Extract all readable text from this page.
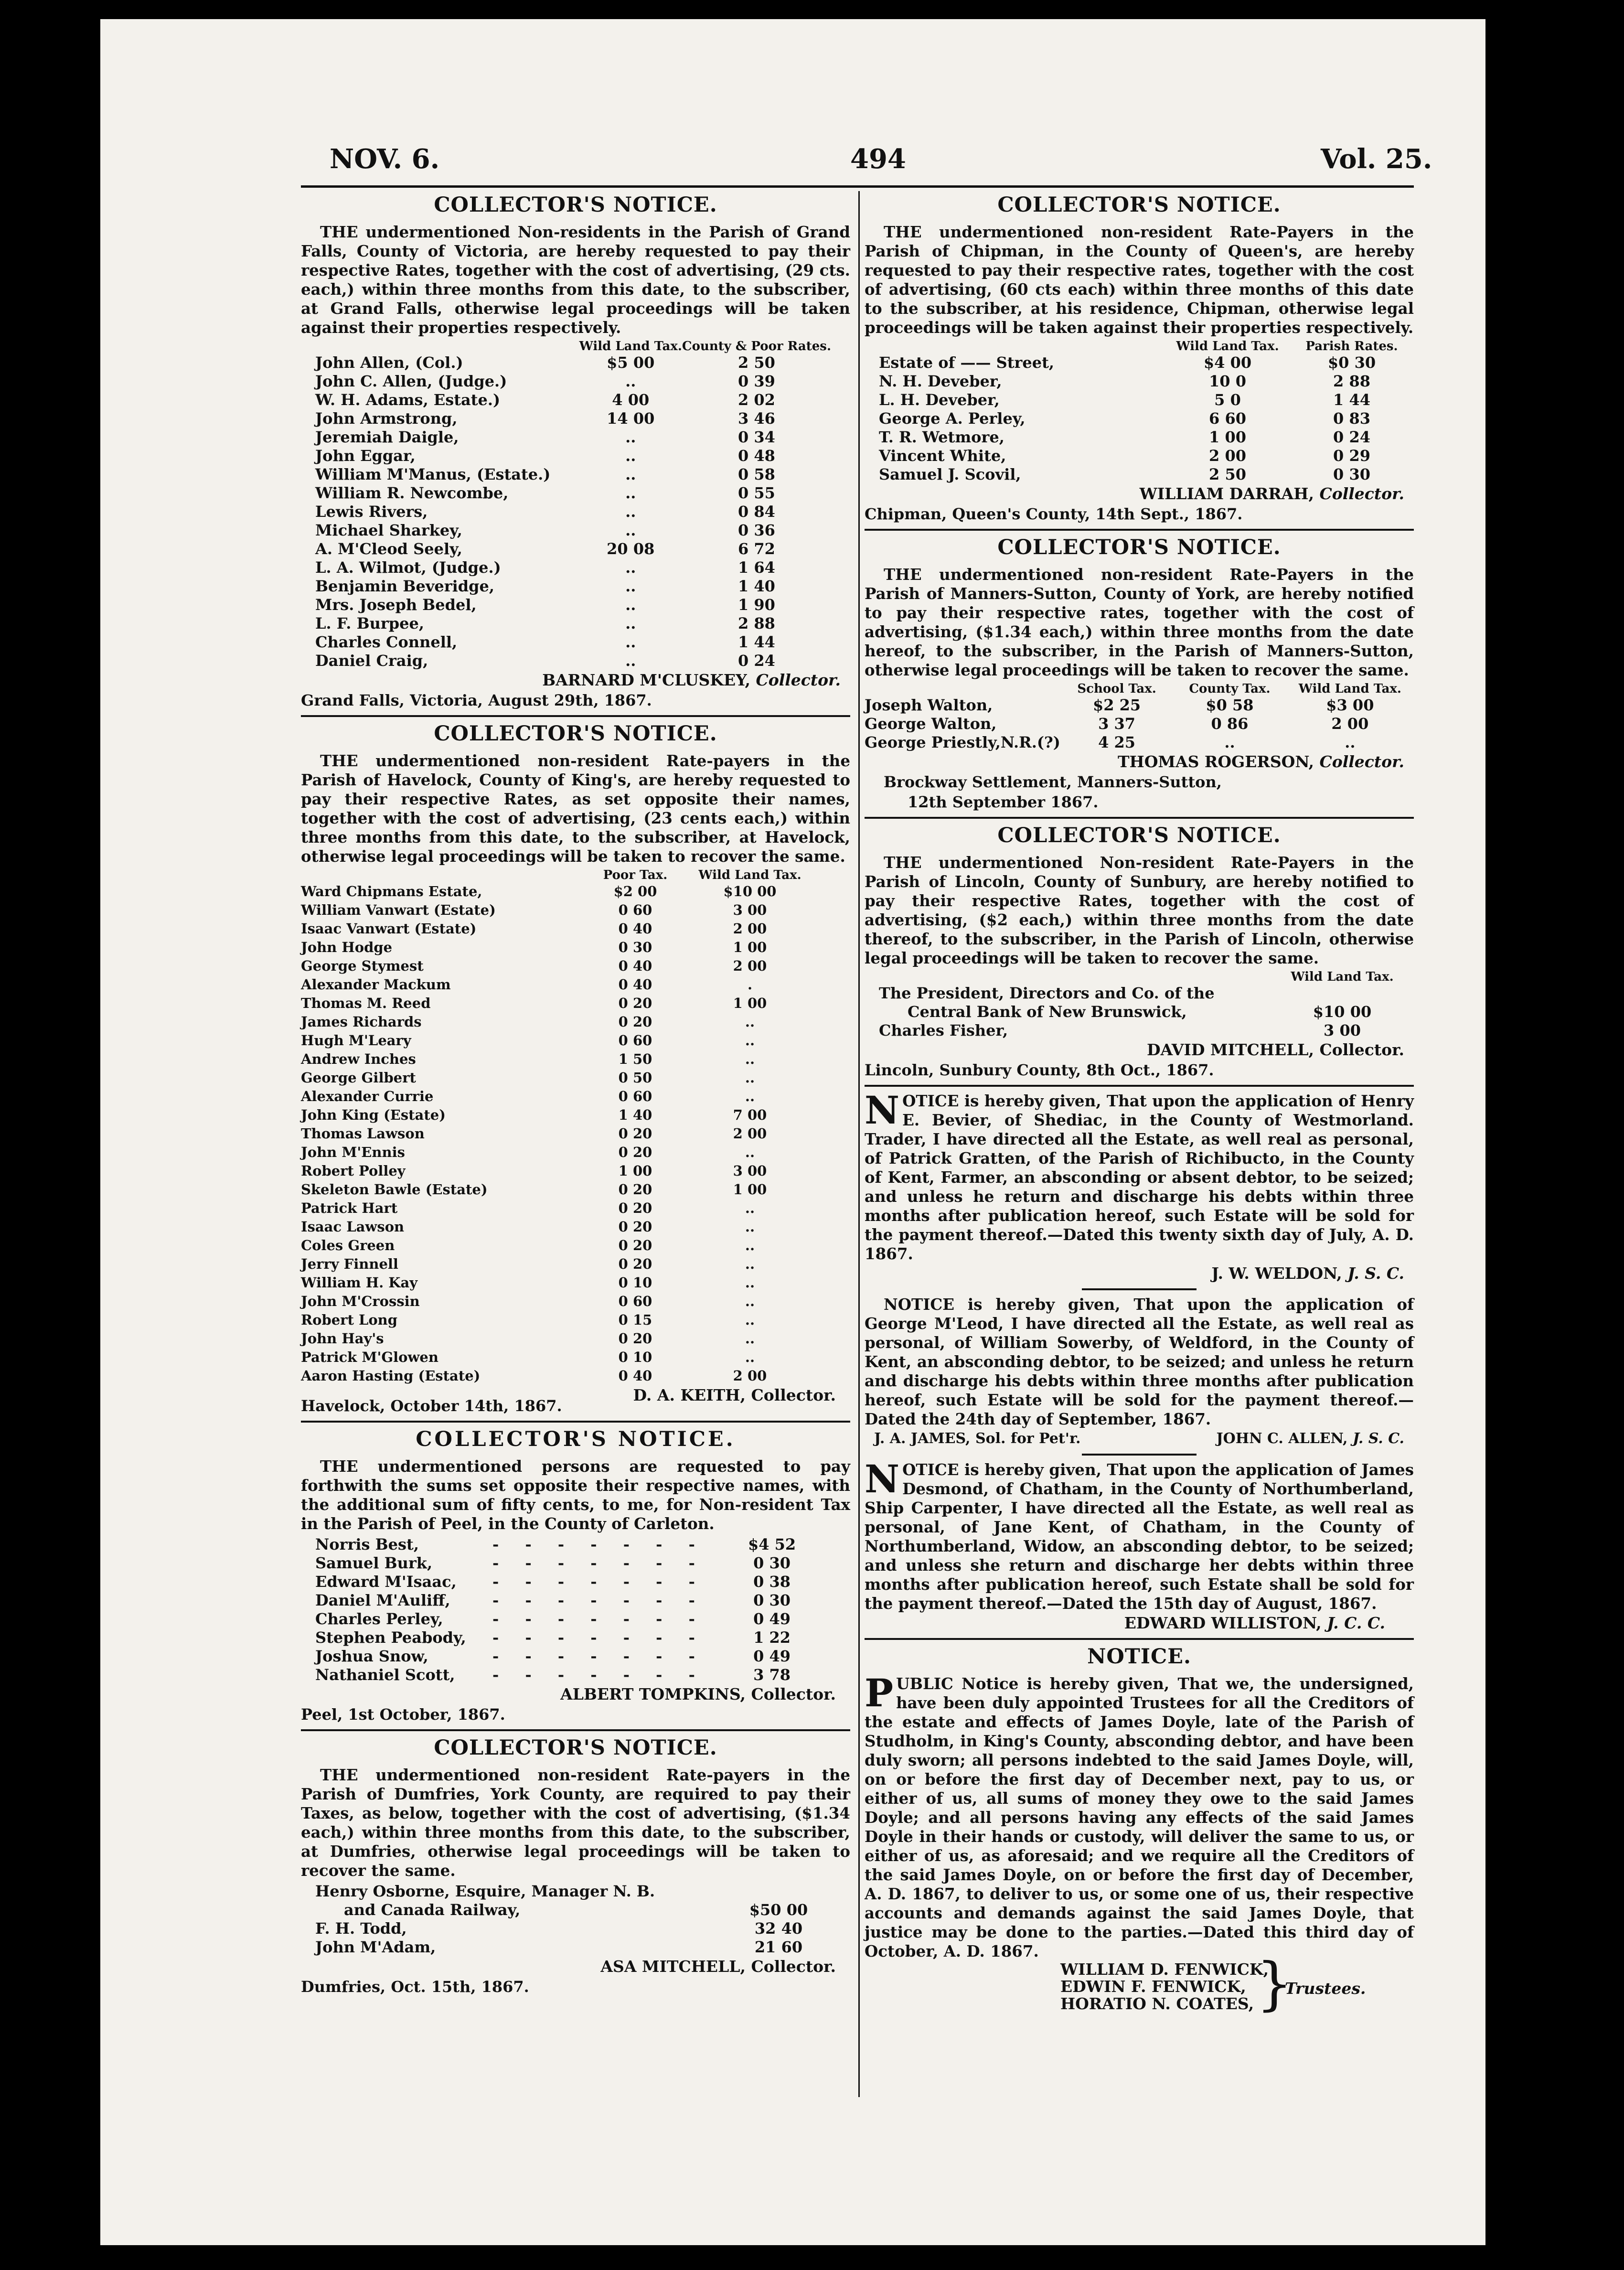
NOV. 6.	494	Vol. 25.
COLLECTOR'S NOTICE.

THE undermentioned Non-residents in the Parish of Grand Falls, County of Victoria, are hereby requested to pay their respective Rates, together with the cost of advertising, (29 cts. each,) within three months from this date, to the subscriber, at Grand Falls, otherwise legal proceedings will be taken against their properties respectively.

	Wild Land Tax.	County & Poor Rates.
John Allen, (Col.)	$5 00	2 50
John C. Allen, (Judge.)	..	0 39
W. H. Adams, Estate.)	4 00	2 02
John Armstrong,	14 00	3 46
Jeremiah Daigle,	..	0 34
John Eggar,	..	0 48
William M'Manus, (Estate.)	..	0 58
William R. Newcombe,	..	0 55
Lewis Rivers,	..	0 84
Michael Sharkey,	..	0 36
A. M'Cleod Seely,	20 08	6 72
L. A. Wilmot, (Judge.)	..	1 64
Benjamin Beveridge,	..	1 40
Mrs. Joseph Bedel,	..	1 90
L. F. Burpee,	..	2 88
Charles Connell,	..	1 44
Daniel Craig,	..	0 24
BARNARD M'CLUSKEY, Collector.
Grand Falls, Victoria, August 29th, 1867.
COLLECTOR'S NOTICE.

THE undermentioned non-resident Rate-payers in the Parish of Havelock, County of King's, are hereby requested to pay their respective Rates, as set opposite their names, together with the cost of advertising, (23 cents each,) within three months from this date, to the subscriber, at Havelock, otherwise legal proceedings will be taken to recover the same.

	Poor Tax.	Wild Land Tax.
Ward Chipmans Estate,	$2 00	$10 00
William Vanwart (Estate)	0 60	3 00
Isaac Vanwart (Estate)	0 40	2 00
John Hodge	0 30	1 00
George Stymest	0 40	2 00
Alexander Mackum	0 40	.
Thomas M. Reed	0 20	1 00
James Richards	0 20	..
Hugh M'Leary	0 60	..
Andrew Inches	1 50	..
George Gilbert	0 50	..
Alexander Currie	0 60	..
John King (Estate)	1 40	7 00
Thomas Lawson	0 20	2 00
John M'Ennis	0 20	..
Robert Polley	1 00	3 00
Skeleton Bawle (Estate)	0 20	1 00
Patrick Hart	0 20	..
Isaac Lawson	0 20	..
Coles Green	0 20	..
Jerry Finnell	0 20	..
William H. Kay	0 10	..
John M'Crossin	0 60	..
Robert Long	0 15	..
John Hay's	0 20	..
Patrick M'Glowen	0 10	..
Aaron Hasting (Estate)	0 40	2 00
D. A. KEITH, Collector.
Havelock, October 14th, 1867.
COLLECTOR'S NOTICE.

THE undermentioned persons are requested to pay forthwith the sums set opposite their respective names, with the additional sum of fifty cents, to me, for Non-resident Tax in the Parish of Peel, in the County of Carleton.

Norris Best,	- - - - - - -	$4 52
Samuel Burk,	- - - - - - -	0 30
Edward M'Isaac,	- - - - - - -	0 38
Daniel M'Auliff,	- - - - - - -	0 30
Charles Perley,	- - - - - - -	0 49
Stephen Peabody,	- - - - - - -	1 22
Joshua Snow,	- - - - - - -	0 49
Nathaniel Scott,	- - - - - - -	3 78
ALBERT TOMPKINS, Collector.
Peel, 1st October, 1867.
COLLECTOR'S NOTICE.

THE undermentioned non-resident Rate-payers in the Parish of Dumfries, York County, are required to pay their Taxes, as below, together with the cost of advertising, ($1.34 each,) within three months from this date, to the subscriber, at Dumfries, otherwise legal proceedings will be taken to recover the same.

Henry Osborne, Esquire, Manager N. B.	
and Canada Railway,	$50 00
F. H. Todd,	32 40
John M'Adam,	21 60
ASA MITCHELL, Collector.
Dumfries, Oct. 15th, 1867.
COLLECTOR'S NOTICE.

THE undermentioned non-resident Rate-Payers in the Parish of Chipman, in the County of Queen's, are hereby requested to pay their respective rates, together with the cost of advertising, (60 cts each) within three months of this date to the subscriber, at his residence, Chipman, otherwise legal proceedings will be taken against their properties respectively.

	Wild Land Tax.	Parish Rates.
Estate of —— Street,	$4 00	$0 30
N. H. Deveber,	10 0	2 88
L. H. Deveber,	5 0	1 44
George A. Perley,	6 60	0 83
T. R. Wetmore,	1 00	0 24
Vincent White,	2 00	0 29
Samuel J. Scovil,	2 50	0 30
WILLIAM DARRAH, Collector.
Chipman, Queen's County, 14th Sept., 1867.
COLLECTOR'S NOTICE.

THE undermentioned non-resident Rate-Payers in the Parish of Manners-Sutton, County of York, are hereby notified to pay their respective rates, together with the cost of advertising, ($1.34 each,) within three months from the date hereof, to the subscriber, in the Parish of Manners-Sutton, otherwise legal proceedings will be taken to recover the same.

	School Tax.	County Tax.	Wild Land Tax.
Joseph Walton,	$2 25	$0 58	$3 00
George Walton,	3 37	0 86	2 00
George Priestly,N.R.(?)	4 25	..	..
THOMAS ROGERSON, Collector.
Brockway Settlement, Manners-Sutton,
12th September 1867.
COLLECTOR'S NOTICE.

THE undermentioned Non-resident Rate-Payers in the Parish of Lincoln, County of Sunbury, are hereby notified to pay their respective Rates, together with the cost of advertising, ($2 each,) within three months from the date thereof, to the subscriber, in the Parish of Lincoln, otherwise legal proceedings will be taken to recover the same.

	Wild Land Tax.
The President, Directors and Co. of the	
Central Bank of New Brunswick,	$10 00
Charles Fisher,	3 00
DAVID MITCHELL, Collector.
Lincoln, Sunbury County, 8th Oct., 1867.

NOTICE is hereby given, That upon the application of Henry E. Bevier, of Shediac, in the County of Westmorland. Trader, I have directed all the Estate, as well real as personal, of Patrick Gratten, of the Parish of Richibucto, in the County of Kent, Farmer, an absconding or absent debtor, to be seized; and unless he return and discharge his debts within three months after publication hereof, such Estate will be sold for the payment thereof.—Dated this twenty sixth day of July, A. D. 1867.

J. W. WELDON, J. S. C.

NOTICE is hereby given, That upon the application of George M'Leod, I have directed all the Estate, as well real as personal, of William Sowerby, of Weldford, in the County of Kent, an absconding debtor, to be seized; and unless he return and discharge his debts within three months after publication hereof, such Estate will be sold for the payment thereof.—Dated the 24th day of September, 1867.

J. A. JAMES, Sol. for Pet'r.	JOHN C. ALLEN, J. S. C.

NOTICE is hereby given, That upon the application of James Desmond, of Chatham, in the County of Northumberland, Ship Carpenter, I have directed all the Estate, as well real as personal, of Jane Kent, of Chatham, in the County of Northumberland, Widow, an absconding debtor, to be seized; and unless she return and discharge her debts within three months after publication hereof, such Estate shall be sold for the payment thereof.—Dated the 15th day of August, 1867.

EDWARD WILLISTON, J. C. C.
NOTICE.

PUBLIC Notice is hereby given, That we, the undersigned, have been duly appointed Trustees for all the Creditors of the estate and effects of James Doyle, late of the Parish of Studholm, in King's County, absconding debtor, and have been duly sworn; all persons indebted to the said James Doyle, will, on or before the first day of December next, pay to us, or either of us, all sums of money they owe to the said James Doyle; and all persons having any effects of the said James Doyle in their hands or custody, will deliver the same to us, or either of us, as aforesaid; and we require all the Creditors of the said James Doyle, on or before the first day of December, A. D. 1867, to deliver to us, or some one of us, their respective accounts and demands against the said James Doyle, that justice may be done to the parties.—Dated this third day of October, A. D. 1867.

WILLIAM D. FENWICK,
EDWIN F. FENWICK,
HORATIO N. COATES, }
Trustees.
